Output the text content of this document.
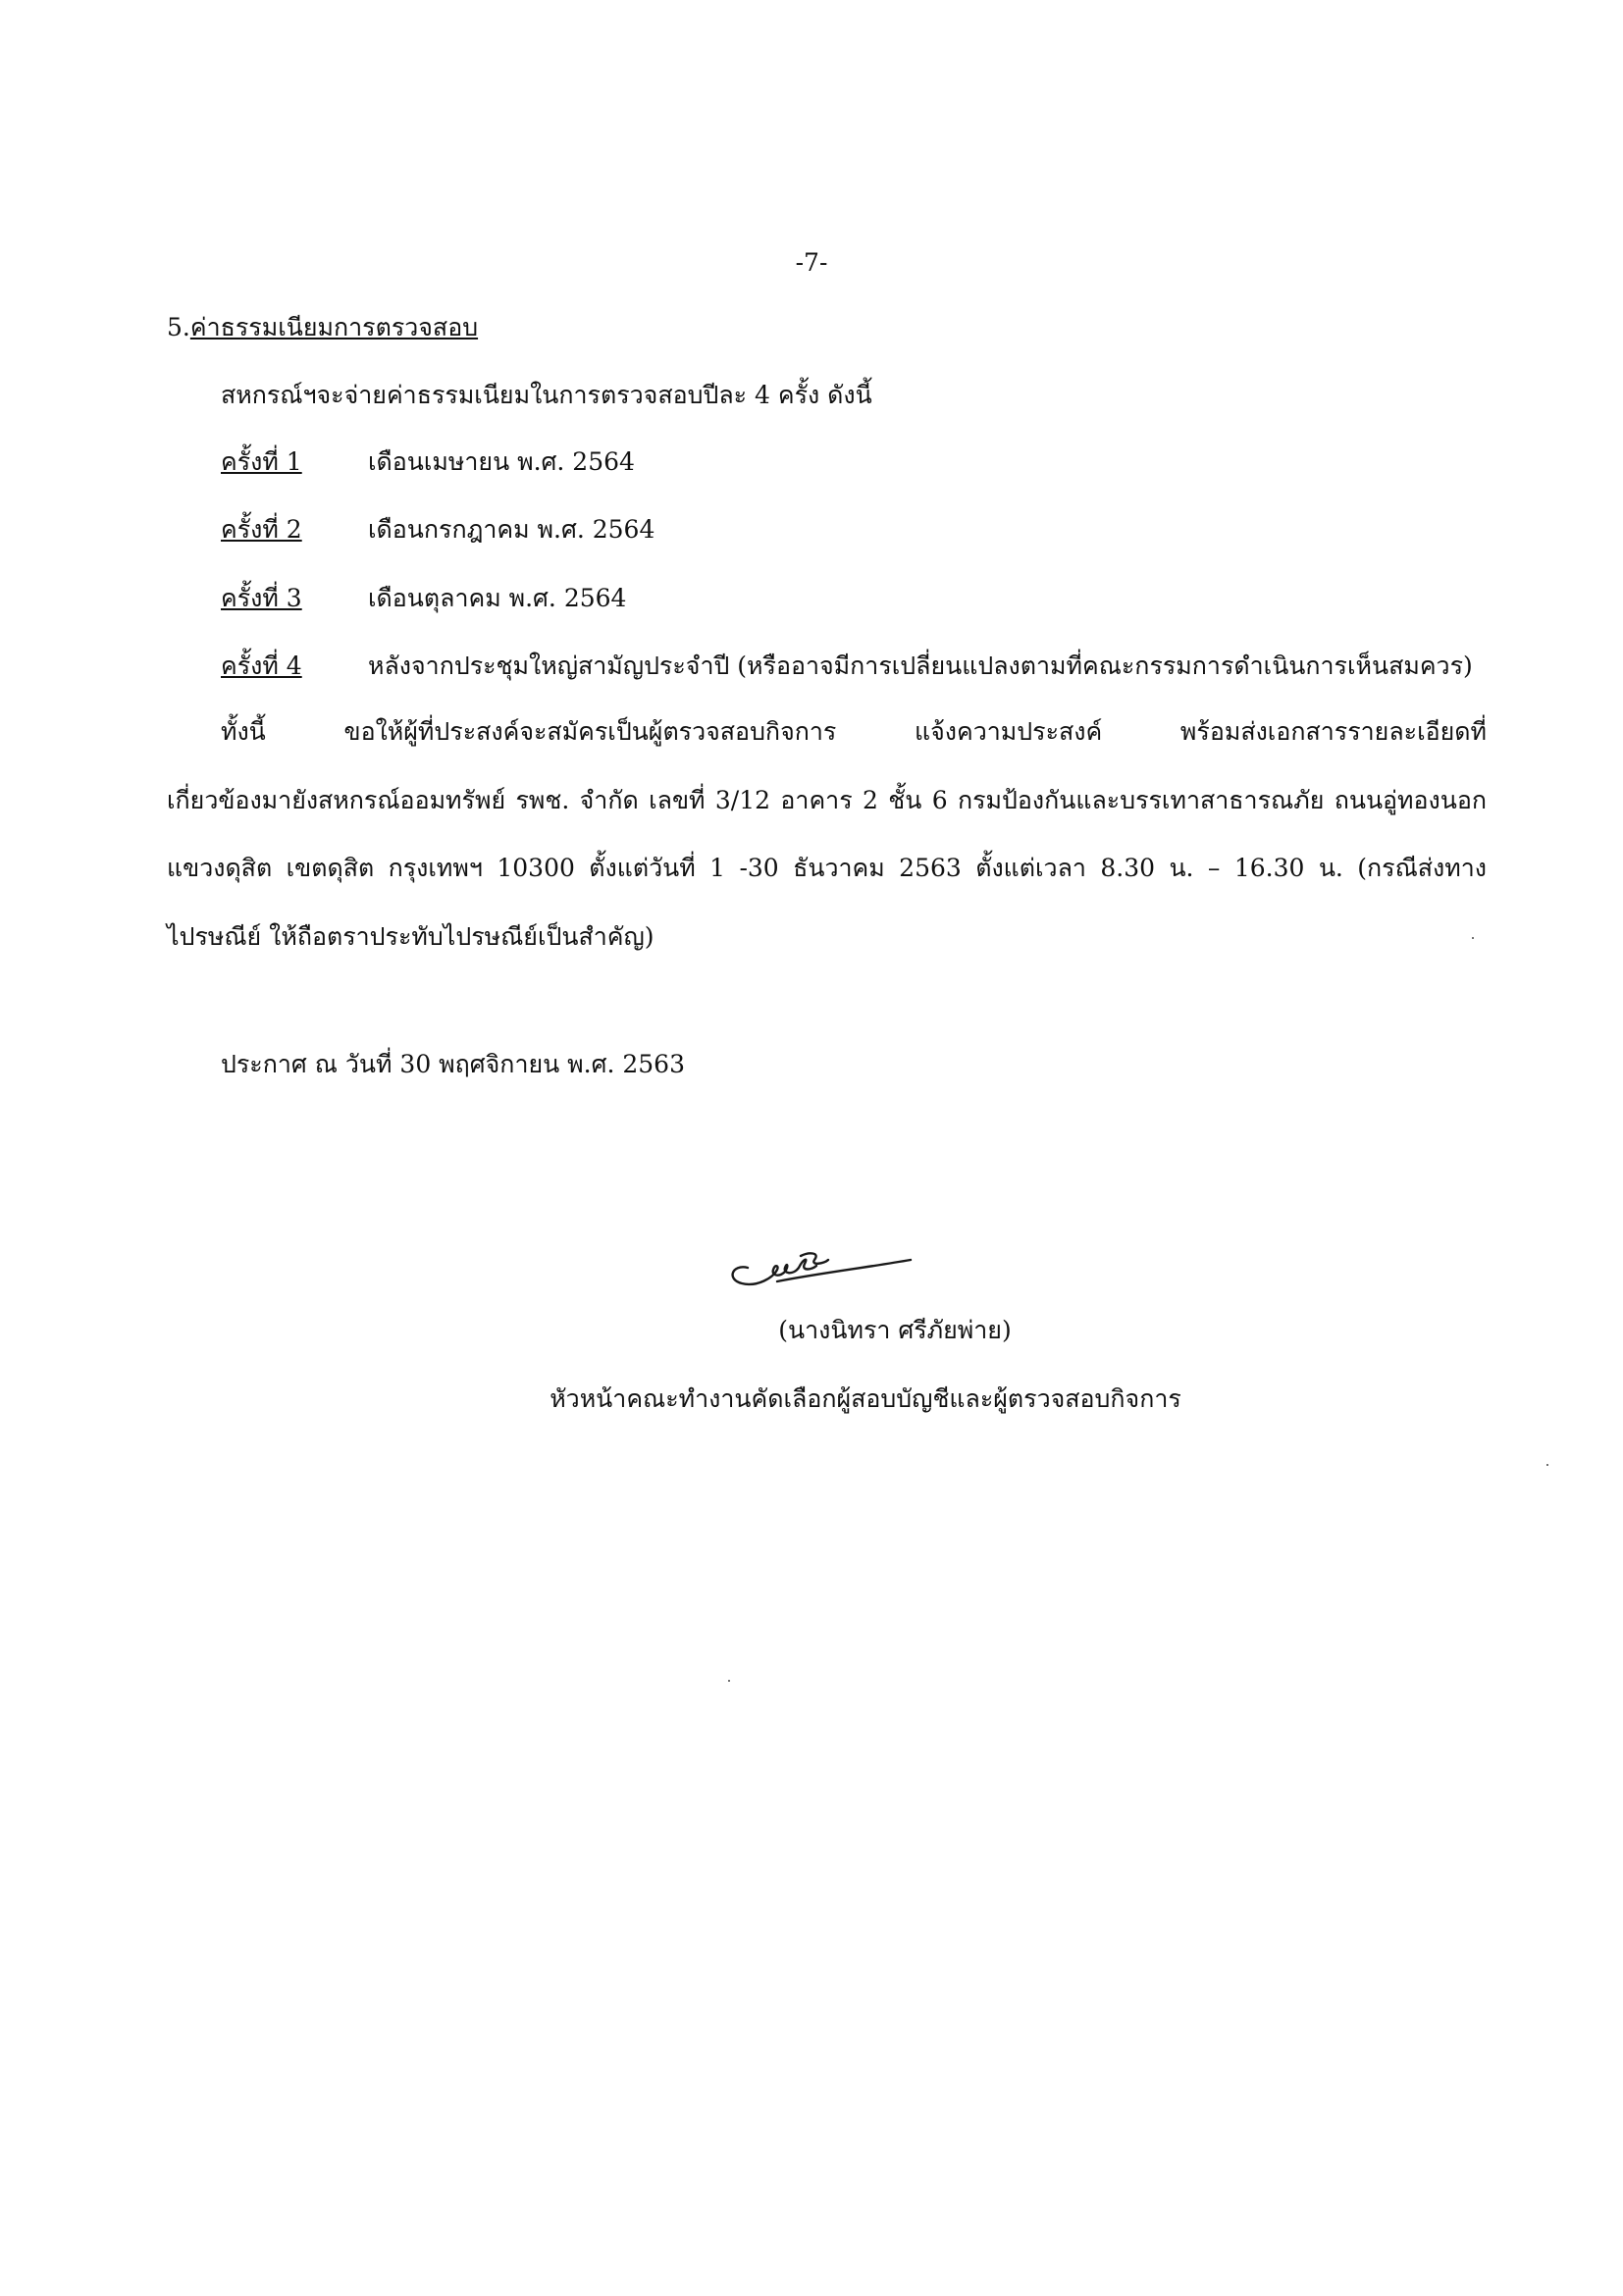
-7-
5.ค่าธรรมเนียมการตรวจสอบ
สหกรณ์ฯจะจ่ายค่าธรรมเนียมในการตรวจสอบปีละ 4 ครั้ง ดังนี้
ครั้งที่ 1	เดือนเมษายน พ.ศ. 2564
ครั้งที่ 2	เดือนกรกฎาคม พ.ศ. 2564
ครั้งที่ 3	เดือนตุลาคม พ.ศ. 2564
ครั้งที่ 4	หลังจากประชุมใหญ่สามัญประจำปี (หรืออาจมีการเปลี่ยนแปลงตามที่คณะกรรมการดำเนินการเห็นสมควร)
ทั้งนี้ ขอให้ผู้ที่ประสงค์จะสมัครเป็นผู้ตรวจสอบกิจการ แจ้งความประสงค์ พร้อมส่งเอกสารรายละเอียดที่
เกี่ยวข้องมายังสหกรณ์ออมทรัพย์ รพช. จำกัด เลขที่ 3/12 อาคาร 2 ชั้น 6 กรมป้องกันและบรรเทาสาธารณภัย ถนนอู่ทองนอก
แขวงดุสิต เขตดุสิต กรุงเทพฯ 10300 ตั้งแต่วันที่ 1 -30 ธันวาคม 2563 ตั้งแต่เวลา 8.30 น. – 16.30 น. (กรณีส่งทาง
ไปรษณีย์ ให้ถือตราประทับไปรษณีย์เป็นสำคัญ)
ประกาศ ณ วันที่ 30 พฤศจิกายน พ.ศ. 2563
(นางนิทรา ศรีภัยพ่าย)
หัวหน้าคณะทำงานคัดเลือกผู้สอบบัญชีและผู้ตรวจสอบกิจการ
